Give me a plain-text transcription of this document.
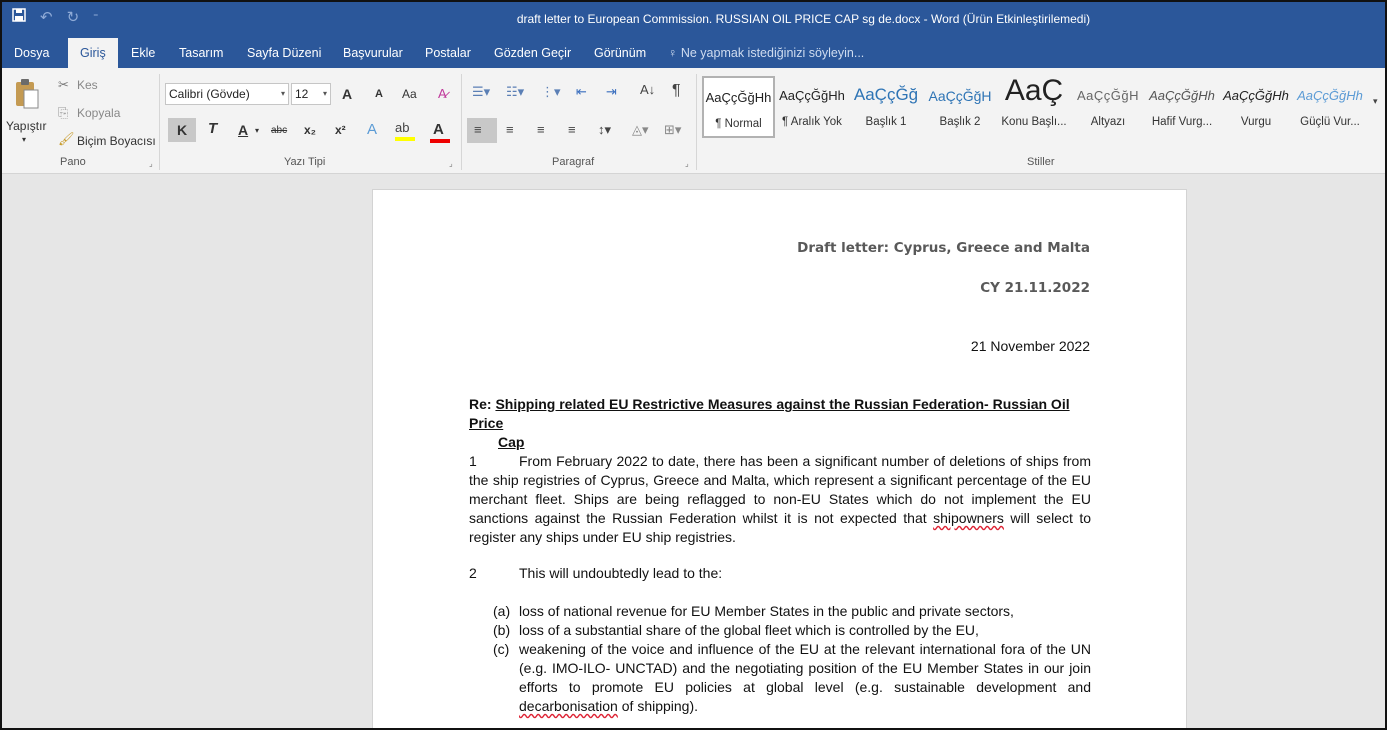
↶ ↻ ⁼	draft letter to European Commission. RUSSIAN OIL PRICE CAP sg de.docx - Word (Ürün Etkinleştirilemedi)
Dosya	Giriş	Ekle Tasarım Sayfa Düzeni Başvurular Postalar Gözden Geçir Görünüm ♀ Ne yapmak istediğinizi söyleyin...
Yapıştır
▾
✂ Kes
⎘ Kopyala
🖌 Biçim Boyacısı
Pano	⌟
Calibri (Gövde)	▾ 12 ▾ A A Aa A̷
K	T A ▾ abc x₂ x² A ab A
Yazı Tipi	⌟
☰▾ ☷▾ ⋮▾ ⇤ ⇥ A↓ ¶
≡ ≡ ≡ ≡ ↕▾ ◬▾ ⊞▾
Paragraf	⌟
AaÇçĞğHh
¶ Normal
AaÇçĞğHh
¶ Aralık Yok
AaÇçĞğ
Başlık 1
AaÇçĞğH
Başlık 2
AaÇ
Konu Başlı...
AaÇçĞğH
Altyazı
AaÇçĞğHh
Hafif Vurg...
AaÇçĞğHh
Vurgu
AaÇçĞğHh
Güçlü Vur...
▾
Stiller
Draft letter: Cyprus, Greece and Malta
CY 21.11.2022
21 November 2022
Re: Shipping related EU Restrictive Measures against the Russian Federation- Russian Oil Price
Cap
1	From February 2022 to date, there has been a significant number of deletions of ships from the ship registries of Cyprus, Greece and Malta, which represent a significant percentage of the EU merchant fleet. Ships are being reflagged to non-EU States which do not implement the EU sanctions against the Russian Federation whilst it is not expected that shipowners will select to register any ships under EU ship registries.
2	This will undoubtedly lead to the:
(a) loss of national revenue for EU Member States in the public and private sectors,
(b) loss of a substantial share of the global fleet which is controlled by the EU,
(c) weakening of the voice and influence of the EU at the relevant international fora of the UN (e.g. IMO-ILO- UNCTAD) and the negotiating position of the EU Member States in our join efforts to promote EU policies at global level (e.g. sustainable development and decarbonisation of shipping).
